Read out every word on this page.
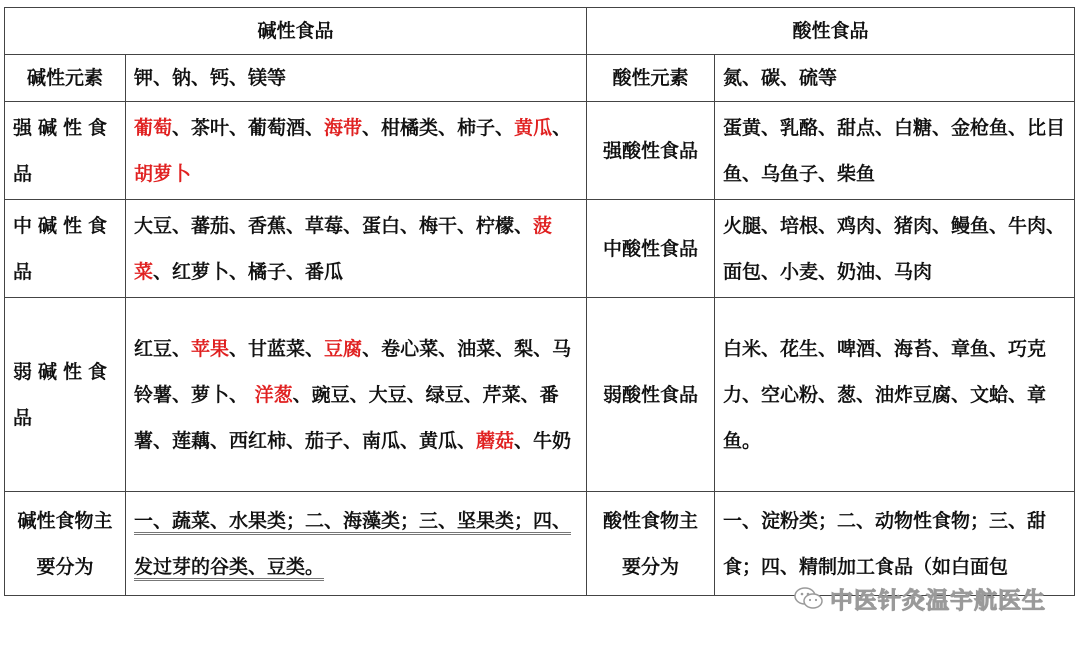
碱性食品		酸性食品	
碱性元素	钾、钠、钙、镁等	酸性元素	氮、碳、硫等
强碱性食品	葡萄、茶叶、葡萄酒、海带、柑橘类、柿子、黄瓜、胡萝卜	强酸性食品	蛋黄、乳酪、甜点、白糖、金枪鱼、比目鱼、乌鱼子、柴鱼
中碱性食品	大豆、蕃茄、香蕉、草莓、蛋白、梅干、柠檬、菠菜、红萝卜、橘子、番瓜	中酸性食品	火腿、培根、鸡肉、猪肉、鳗鱼、牛肉、面包、小麦、奶油、马肉
弱碱性食品	红豆、苹果、甘蓝菜、豆腐、卷心菜、油菜、梨、马铃薯、萝卜、 洋葱、豌豆、大豆、绿豆、芹菜、番薯、莲藕、西红柿、茄子、南瓜、黄瓜、蘑菇、牛奶	弱酸性食品	白米、花生、啤酒、海苔、章鱼、巧克力、空心粉、葱、油炸豆腐、文蛤、章鱼。
碱性食物主要分为	一、蔬菜、水果类；二、海藻类；三、坚果类；四、发过芽的谷类、豆类。	酸性食物主要分为	一、淀粉类；二、动物性食物；三、甜食；四、精制加工食品（如白面包
中医针灸温宇航医生
